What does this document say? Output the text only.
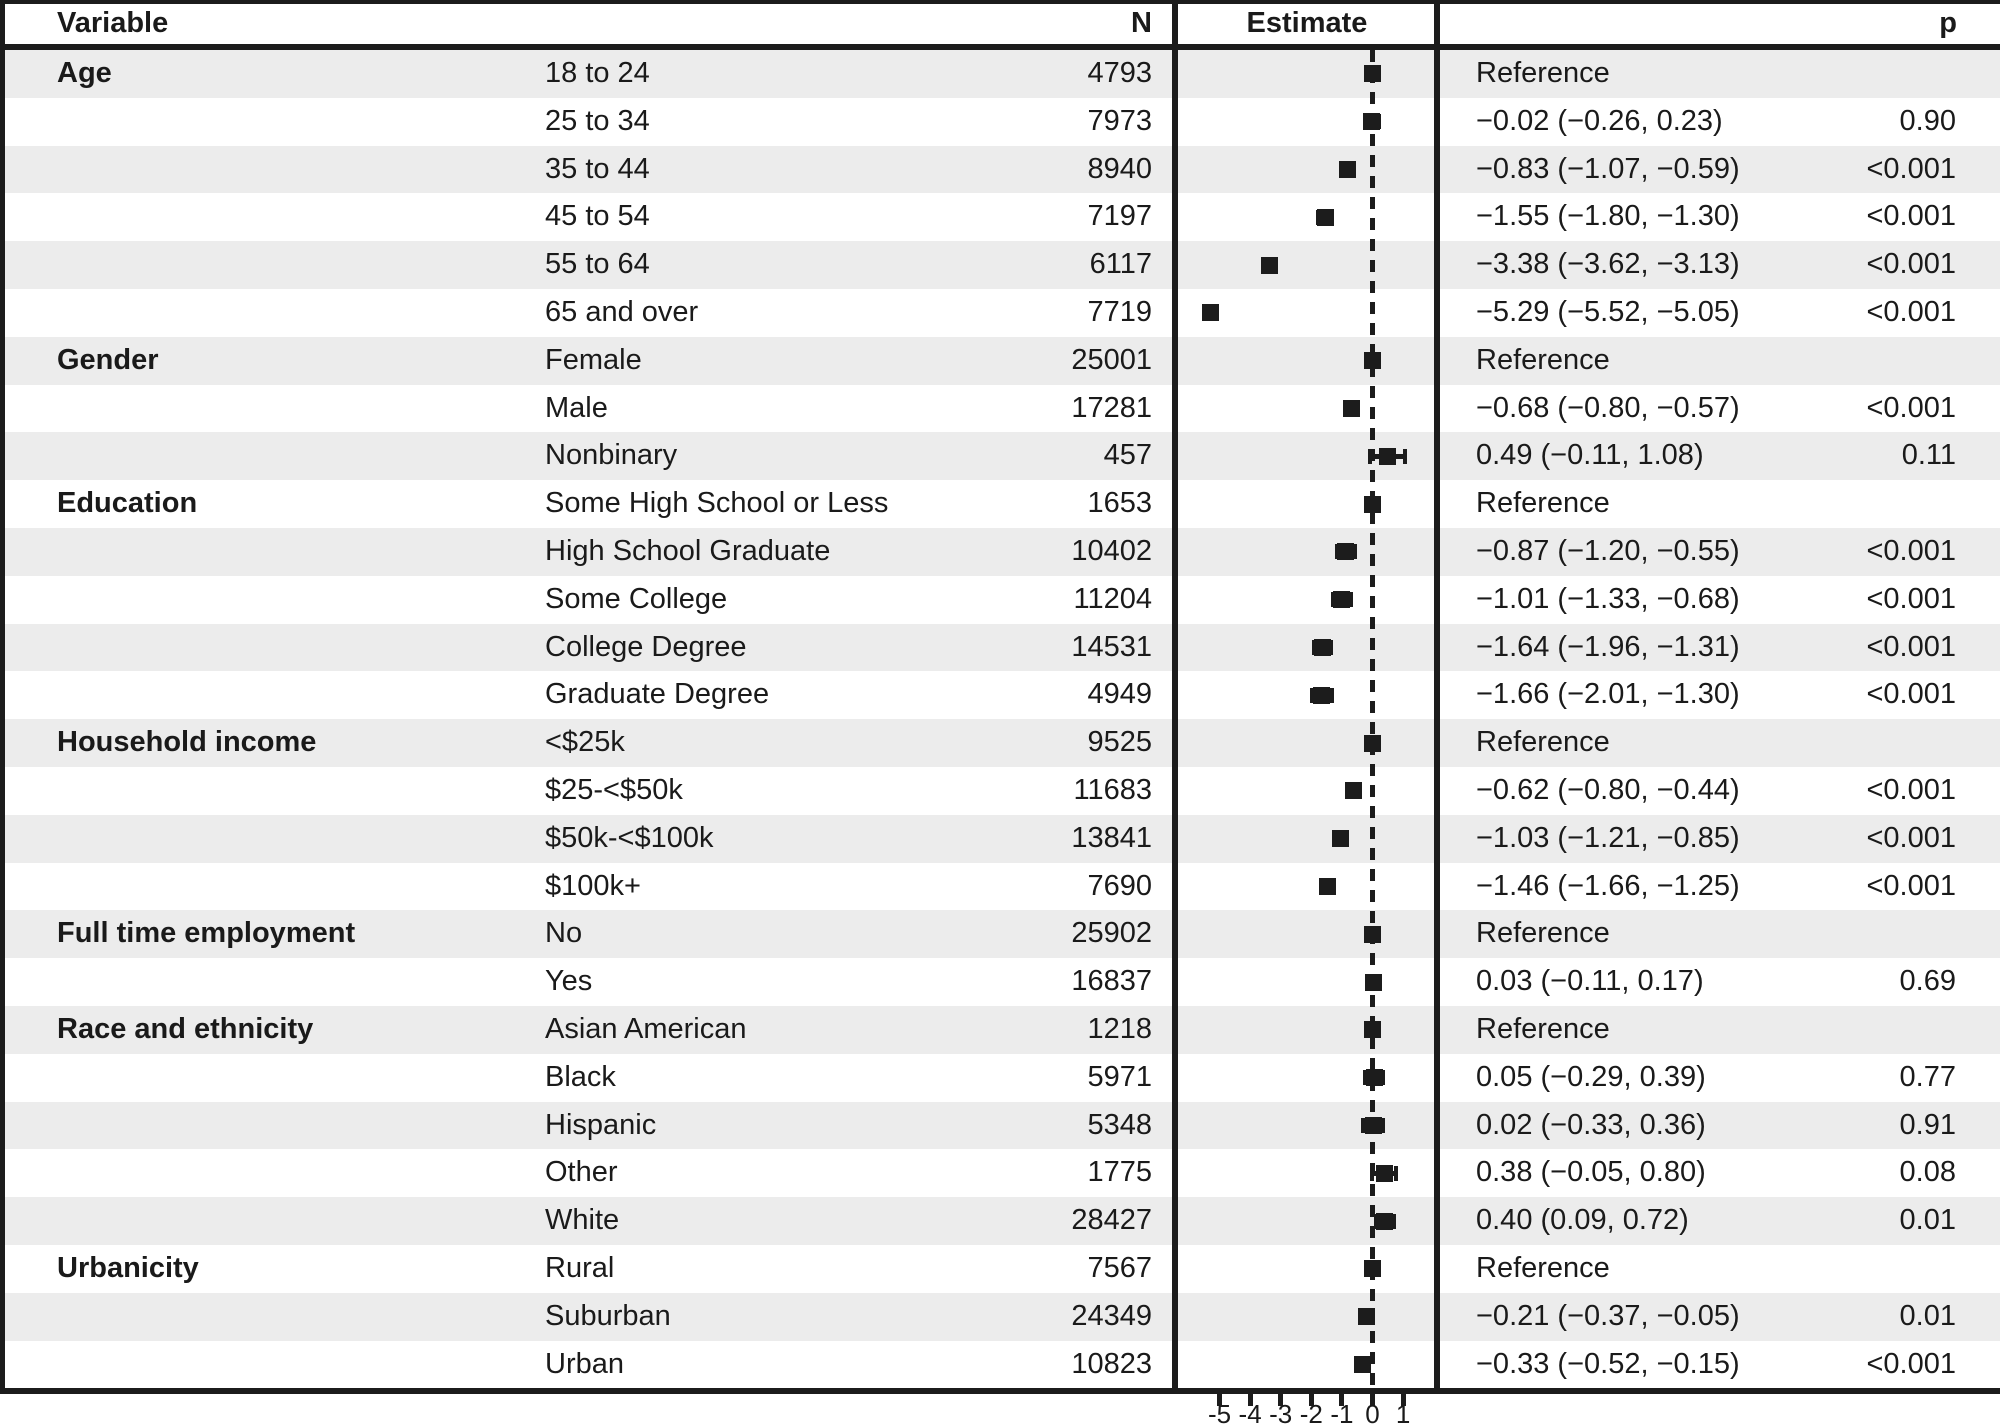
Variable	N	Estimate	p
Age	18 to 24	4793	Reference
25 to 34	7973	−0.02 (−0.26, 0.23)	0.90
35 to 44	8940	−0.83 (−1.07, −0.59)	<0.001
45 to 54	7197	−1.55 (−1.80, −1.30)	<0.001
55 to 64	6117	−3.38 (−3.62, −3.13)	<0.001
65 and over	7719	−5.29 (−5.52, −5.05)	<0.001
Gender	Female	25001	Reference
Male	17281	−0.68 (−0.80, −0.57)	<0.001
Nonbinary	457	0.49 (−0.11, 1.08)	0.11
Education	Some High School or Less	1653	Reference
High School Graduate	10402	−0.87 (−1.20, −0.55)	<0.001
Some College	11204	−1.01 (−1.33, −0.68)	<0.001
College Degree	14531	−1.64 (−1.96, −1.31)	<0.001
Graduate Degree	4949	−1.66 (−2.01, −1.30)	<0.001
Household income	<$25k	9525	Reference
$25-<$50k	11683	−0.62 (−0.80, −0.44)	<0.001
$50k-<$100k	13841	−1.03 (−1.21, −0.85)	<0.001
$100k+	7690	−1.46 (−1.66, −1.25)	<0.001
Full time employment	No	25902	Reference
Yes	16837	0.03 (−0.11, 0.17)	0.69
Race and ethnicity	Asian American	1218	Reference
Black	5971	0.05 (−0.29, 0.39)	0.77
Hispanic	5348	0.02 (−0.33, 0.36)	0.91
Other	1775	0.38 (−0.05, 0.80)	0.08
White	28427	0.40 (0.09, 0.72)	0.01
Urbanicity	Rural	7567	Reference
Suburban	24349	−0.21 (−0.37, −0.05)	0.01
Urban	10823	−0.33 (−0.52, −0.15)	<0.001
-5 -4 -3 -2 -1 0 1
